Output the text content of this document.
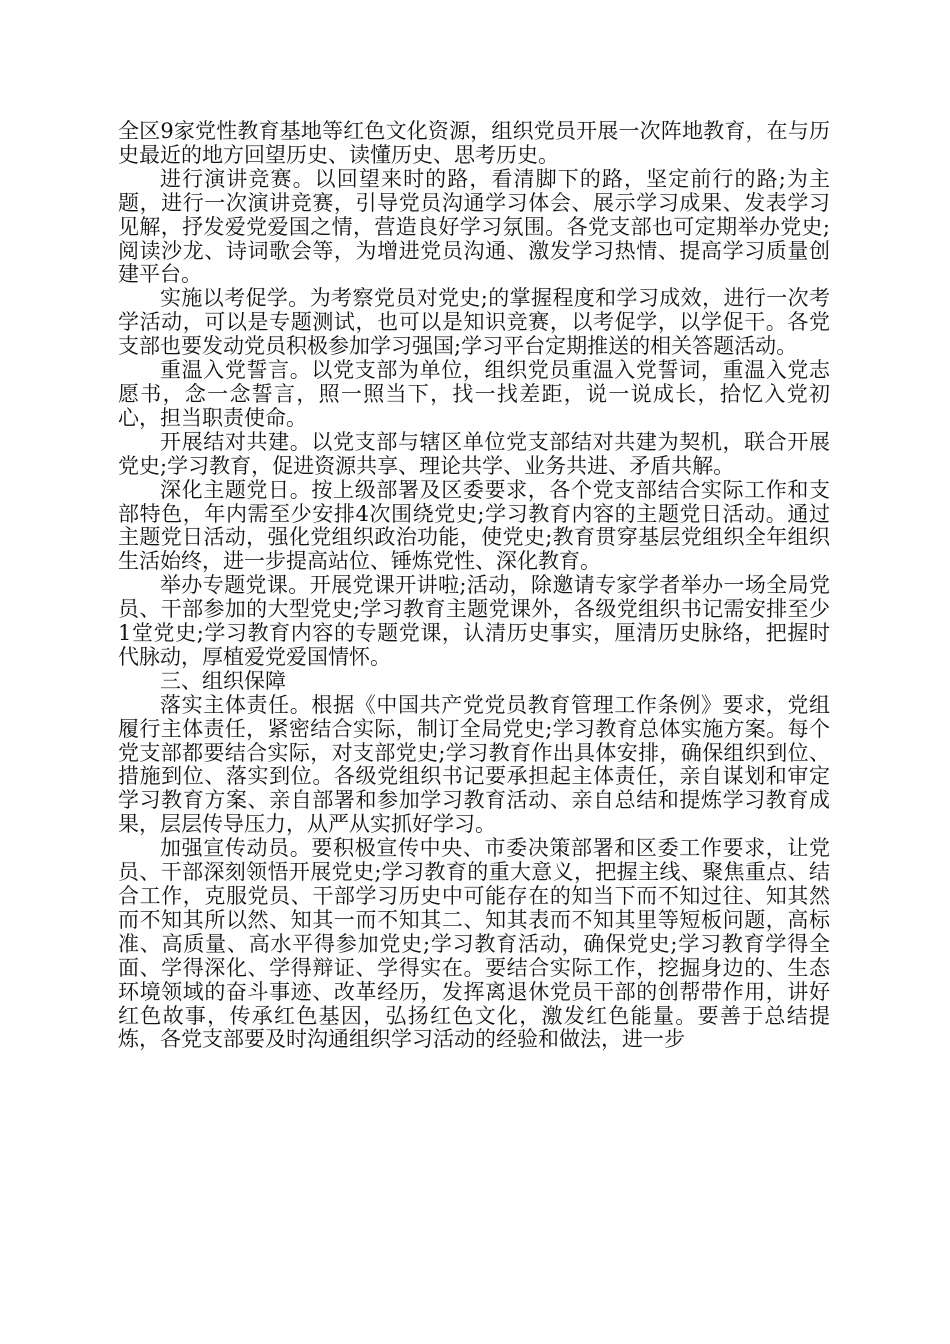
全区9家党性教育基地等红色文化资源，组织党员开展一次阵地教育，在与历史最近的地方回望历史、读懂历史、思考历史。

进行演讲竞赛。以回望来时的路，看清脚下的路，坚定前行的路;为主题，进行一次演讲竞赛，引导党员沟通学习体会、展示学习成果、发表学习见解，抒发爱党爱国之情，营造良好学习氛围。各党支部也可定期举办党史;阅读沙龙、诗词歌会等，为增进党员沟通、激发学习热情、提高学习质量创建平台。

实施以考促学。为考察党员对党史;的掌握程度和学习成效，进行一次考学活动，可以是专题测试，也可以是知识竞赛，以考促学，以学促干。各党支部也要发动党员积极参加学习强国;学习平台定期推送的相关答题活动。

重温入党誓言。以党支部为单位，组织党员重温入党誓词，重温入党志愿书，念一念誓言，照一照当下，找一找差距，说一说成长，拾忆入党初心，担当职责使命。

开展结对共建。以党支部与辖区单位党支部结对共建为契机，联合开展党史;学习教育，促进资源共享、理论共学、业务共进、矛盾共解。

深化主题党日。按上级部署及区委要求，各个党支部结合实际工作和支部特色，年内需至少安排4次围绕党史;学习教育内容的主题党日活动。通过主题党日活动，强化党组织政治功能，使党史;教育贯穿基层党组织全年组织生活始终，进一步提高站位、锤炼党性、深化教育。

举办专题党课。开展党课开讲啦;活动，除邀请专家学者举办一场全局党员、干部参加的大型党史;学习教育主题党课外，各级党组织书记需安排至少1堂党史;学习教育内容的专题党课，认清历史事实，厘清历史脉络，把握时代脉动，厚植爱党爱国情怀。

三、组织保障

落实主体责任。根据《中国共产党党员教育管理工作条例》要求，党组履行主体责任，紧密结合实际，制订全局党史;学习教育总体实施方案。每个党支部都要结合实际，对支部党史;学习教育作出具体安排，确保组织到位、措施到位、落实到位。各级党组织书记要承担起主体责任，亲自谋划和审定学习教育方案、亲自部署和参加学习教育活动、亲自总结和提炼学习教育成果，层层传导压力，从严从实抓好学习。

加强宣传动员。要积极宣传中央、市委决策部署和区委工作要求，让党员、干部深刻领悟开展党史;学习教育的重大意义，把握主线、聚焦重点、结合工作，克服党员、干部学习历史中可能存在的知当下而不知过往、知其然而不知其所以然、知其一而不知其二、知其表而不知其里等短板问题，高标准、高质量、高水平得参加党史;学习教育活动，确保党史;学习教育学得全面、学得深化、学得辩证、学得实在。要结合实际工作，挖掘身边的、生态环境领域的奋斗事迹、改革经历，发挥离退休党员干部的创帮带作用，讲好红色故事，传承红色基因，弘扬红色文化，激发红色能量。要善于总结提炼，各党支部要及时沟通组织学习活动的经验和做法，进一步
